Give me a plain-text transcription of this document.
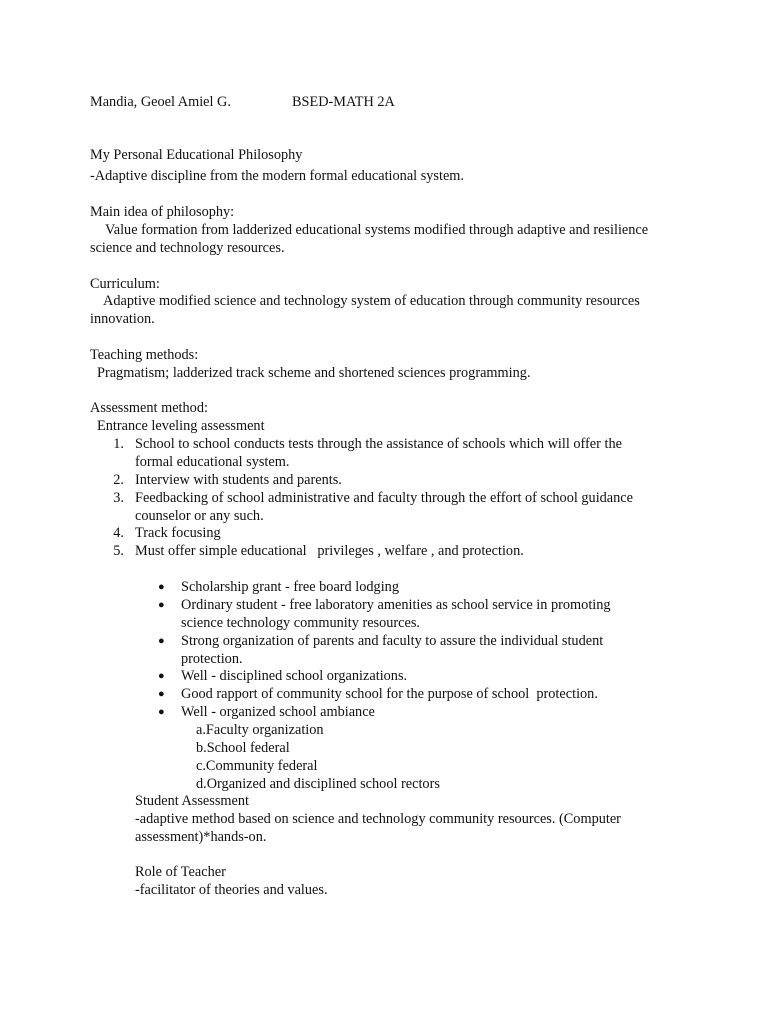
Mandia, Geoel Amiel G.	BSED-MATH 2A
My Personal Educational Philosophy
-Adaptive discipline from the modern formal educational system.
Main idea of philosophy:
Value formation from ladderized educational systems modified through adaptive and resilience
science and technology resources.
Curriculum:
Adaptive modified science and technology system of education through community resources
innovation.
Teaching methods:
Pragmatism; ladderized track scheme and shortened sciences programming.
Assessment method:
Entrance leveling assessment
1. School to school conducts tests through the assistance of schools which will offer the
formal educational system.
2. Interview with students and parents.
3. Feedbacking of school administrative and faculty through the effort of school guidance
counselor or any such.
4. Track focusing
5. Must offer simple educational   privileges , welfare , and protection.
● Scholarship grant - free board lodging
● Ordinary student - free laboratory amenities as school service in promoting
science technology community resources.
● Strong organization of parents and faculty to assure the individual student
protection.
● Well - disciplined school organizations.
● Good rapport of community school for the purpose of school  protection.
● Well - organized school ambiance
a.Faculty organization
b.School federal
c.Community federal
d.Organized and disciplined school rectors
Student Assessment
-adaptive method based on science and technology community resources. (Computer
assessment)*hands-on.
Role of Teacher
-facilitator of theories and values.
